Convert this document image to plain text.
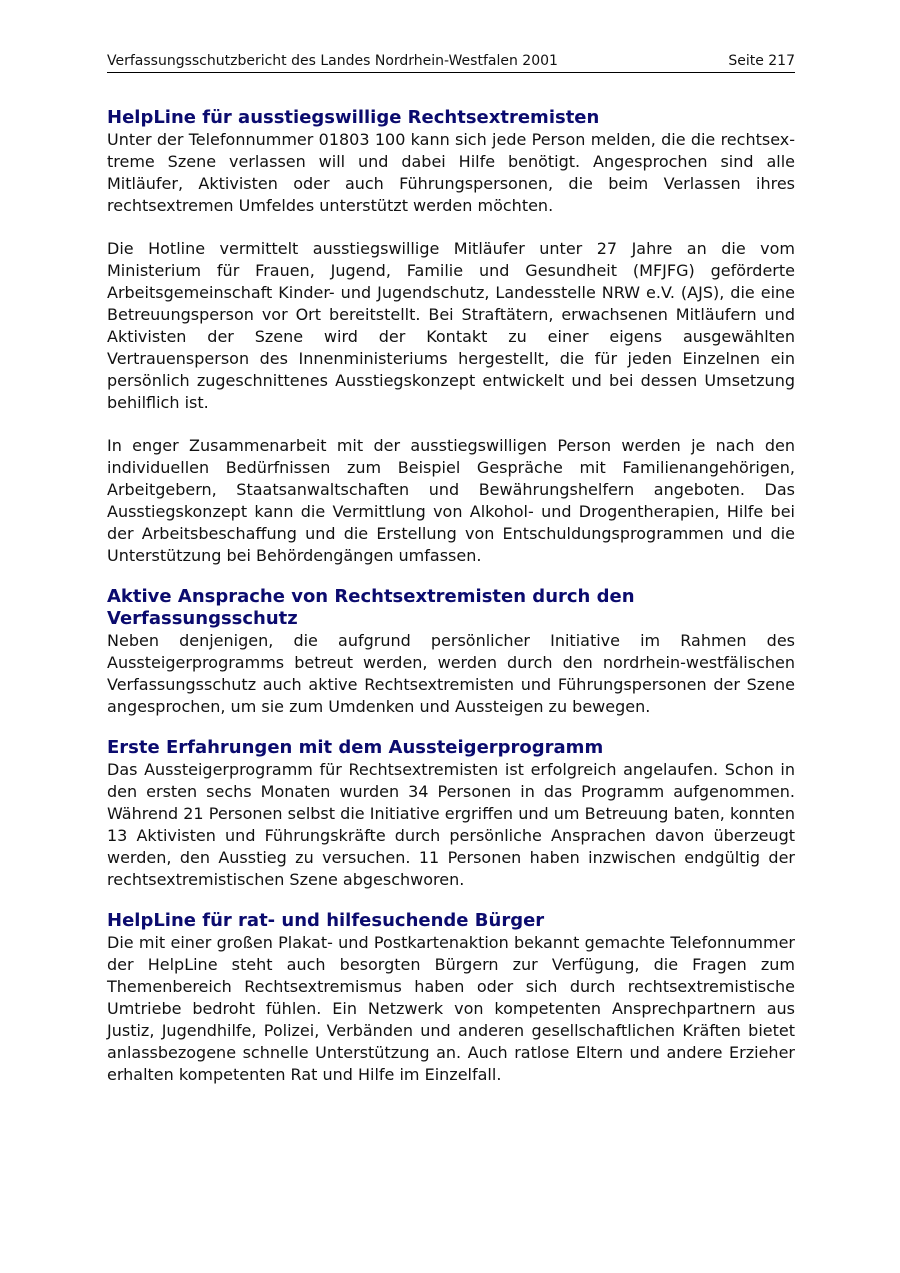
Verfassungsschutzbericht des Landes Nordrhein-Westfalen 2001	Seite 217
HelpLine für ausstiegswillige Rechtsextremisten

Unter der Telefonnummer 01803 100 kann sich jede Person melden, die die rechtsextreme Szene verlassen will und dabei Hilfe benötigt. Angesprochen sind alle Mitläufer, Aktivisten oder auch Führungspersonen, die beim Verlassen ihres rechtsextremen Umfeldes unterstützt werden möchten.

Die Hotline vermittelt ausstiegswillige Mitläufer unter 27 Jahre an die vom Ministerium für Frauen, Jugend, Familie und Gesundheit (MFJFG) geförderte Arbeitsgemeinschaft Kinder- und Jugendschutz, Landesstelle NRW e.V. (AJS), die eine Betreuungsperson vor Ort bereitstellt. Bei Straftätern, erwachsenen Mitläufern und Aktivisten der Szene wird der Kontakt zu einer eigens ausgewählten Vertrauensperson des Innenministeriums hergestellt, die für jeden Einzelnen ein persönlich zugeschnittenes Ausstiegskonzept entwickelt und bei dessen Umsetzung behilflich ist.

In enger Zusammenarbeit mit der ausstiegswilligen Person werden je nach den individuellen Bedürfnissen zum Beispiel Gespräche mit Familienangehörigen, Arbeitgebern, Staatsanwaltschaften und Bewährungshelfern angeboten. Das Ausstiegskonzept kann die Vermittlung von Alkohol- und Drogentherapien, Hilfe bei der Arbeitsbeschaffung und die Erstellung von Entschuldungsprogrammen und die Unterstützung bei Behördengängen umfassen.

Aktive Ansprache von Rechtsextremisten durch den Verfassungsschutz

Neben denjenigen, die aufgrund persönlicher Initiative im Rahmen des Aussteigerprogramms betreut werden, werden durch den nordrhein-westfälischen Verfassungsschutz auch aktive Rechtsextremisten und Führungspersonen der Szene angesprochen, um sie zum Umdenken und Aussteigen zu bewegen.

Erste Erfahrungen mit dem Aussteigerprogramm

Das Aussteigerprogramm für Rechtsextremisten ist erfolgreich angelaufen. Schon in den ersten sechs Monaten wurden 34 Personen in das Programm aufgenommen. Während 21 Personen selbst die Initiative ergriffen und um Betreuung baten, konnten 13 Aktivisten und Führungskräfte durch persönliche Ansprachen davon überzeugt werden, den Ausstieg zu versuchen. 11 Personen haben inzwischen endgültig der rechtsextremistischen Szene abgeschworen.

HelpLine für rat- und hilfesuchende Bürger

Die mit einer großen Plakat- und Postkartenaktion bekannt gemachte Telefonnummer der HelpLine steht auch besorgten Bürgern zur Verfügung, die Fragen zum Themenbereich Rechtsextremismus haben oder sich durch rechtsextremistische Umtriebe bedroht fühlen. Ein Netzwerk von kompetenten Ansprechpartnern aus Justiz, Jugendhilfe, Polizei, Verbänden und anderen gesellschaftlichen Kräften bietet anlassbezogene schnelle Unterstützung an. Auch ratlose Eltern und andere Erzieher erhalten kompetenten Rat und Hilfe im Einzelfall.
